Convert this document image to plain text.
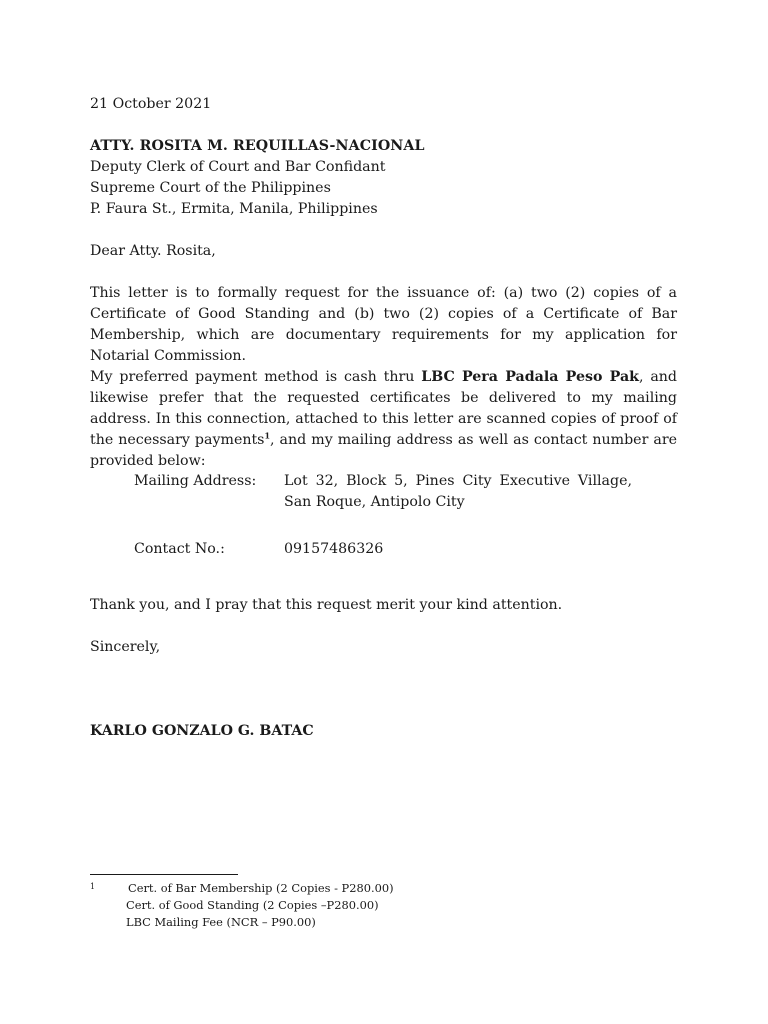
21 October 2021
ATTY. ROSITA M. REQUILLAS-NACIONAL
Deputy Clerk of Court and Bar Confidant
Supreme Court of the Philippines
P. Faura St., Ermita, Manila, Philippines
Dear Atty. Rosita,
This letter is to formally request for the issuance of: (a) two (2) copies of a Certificate of Good Standing and (b) two (2) copies of a Certificate of Bar Membership, which are documentary requirements for my application for Notarial Commission.
My preferred payment method is cash thru LBC Pera Padala Peso Pak, and likewise prefer that the requested certificates be delivered to my mailing address. In this connection, attached to this letter are scanned copies of proof of the necessary payments$^1$, and my mailing address as well as contact number are provided below:
Mailing Address:	Lot 32, Block 5, Pines City Executive Village, San Roque, Antipolo City
Contact No.:	09157486326
Thank you, and I pray that this request merit your kind attention.
Sincerely,
KARLO GONZALO G. BATAC
1	Cert. of Bar Membership (2 Copies - P280.00)
Cert. of Good Standing (2 Copies –P280.00)
LBC Mailing Fee (NCR – P90.00)
